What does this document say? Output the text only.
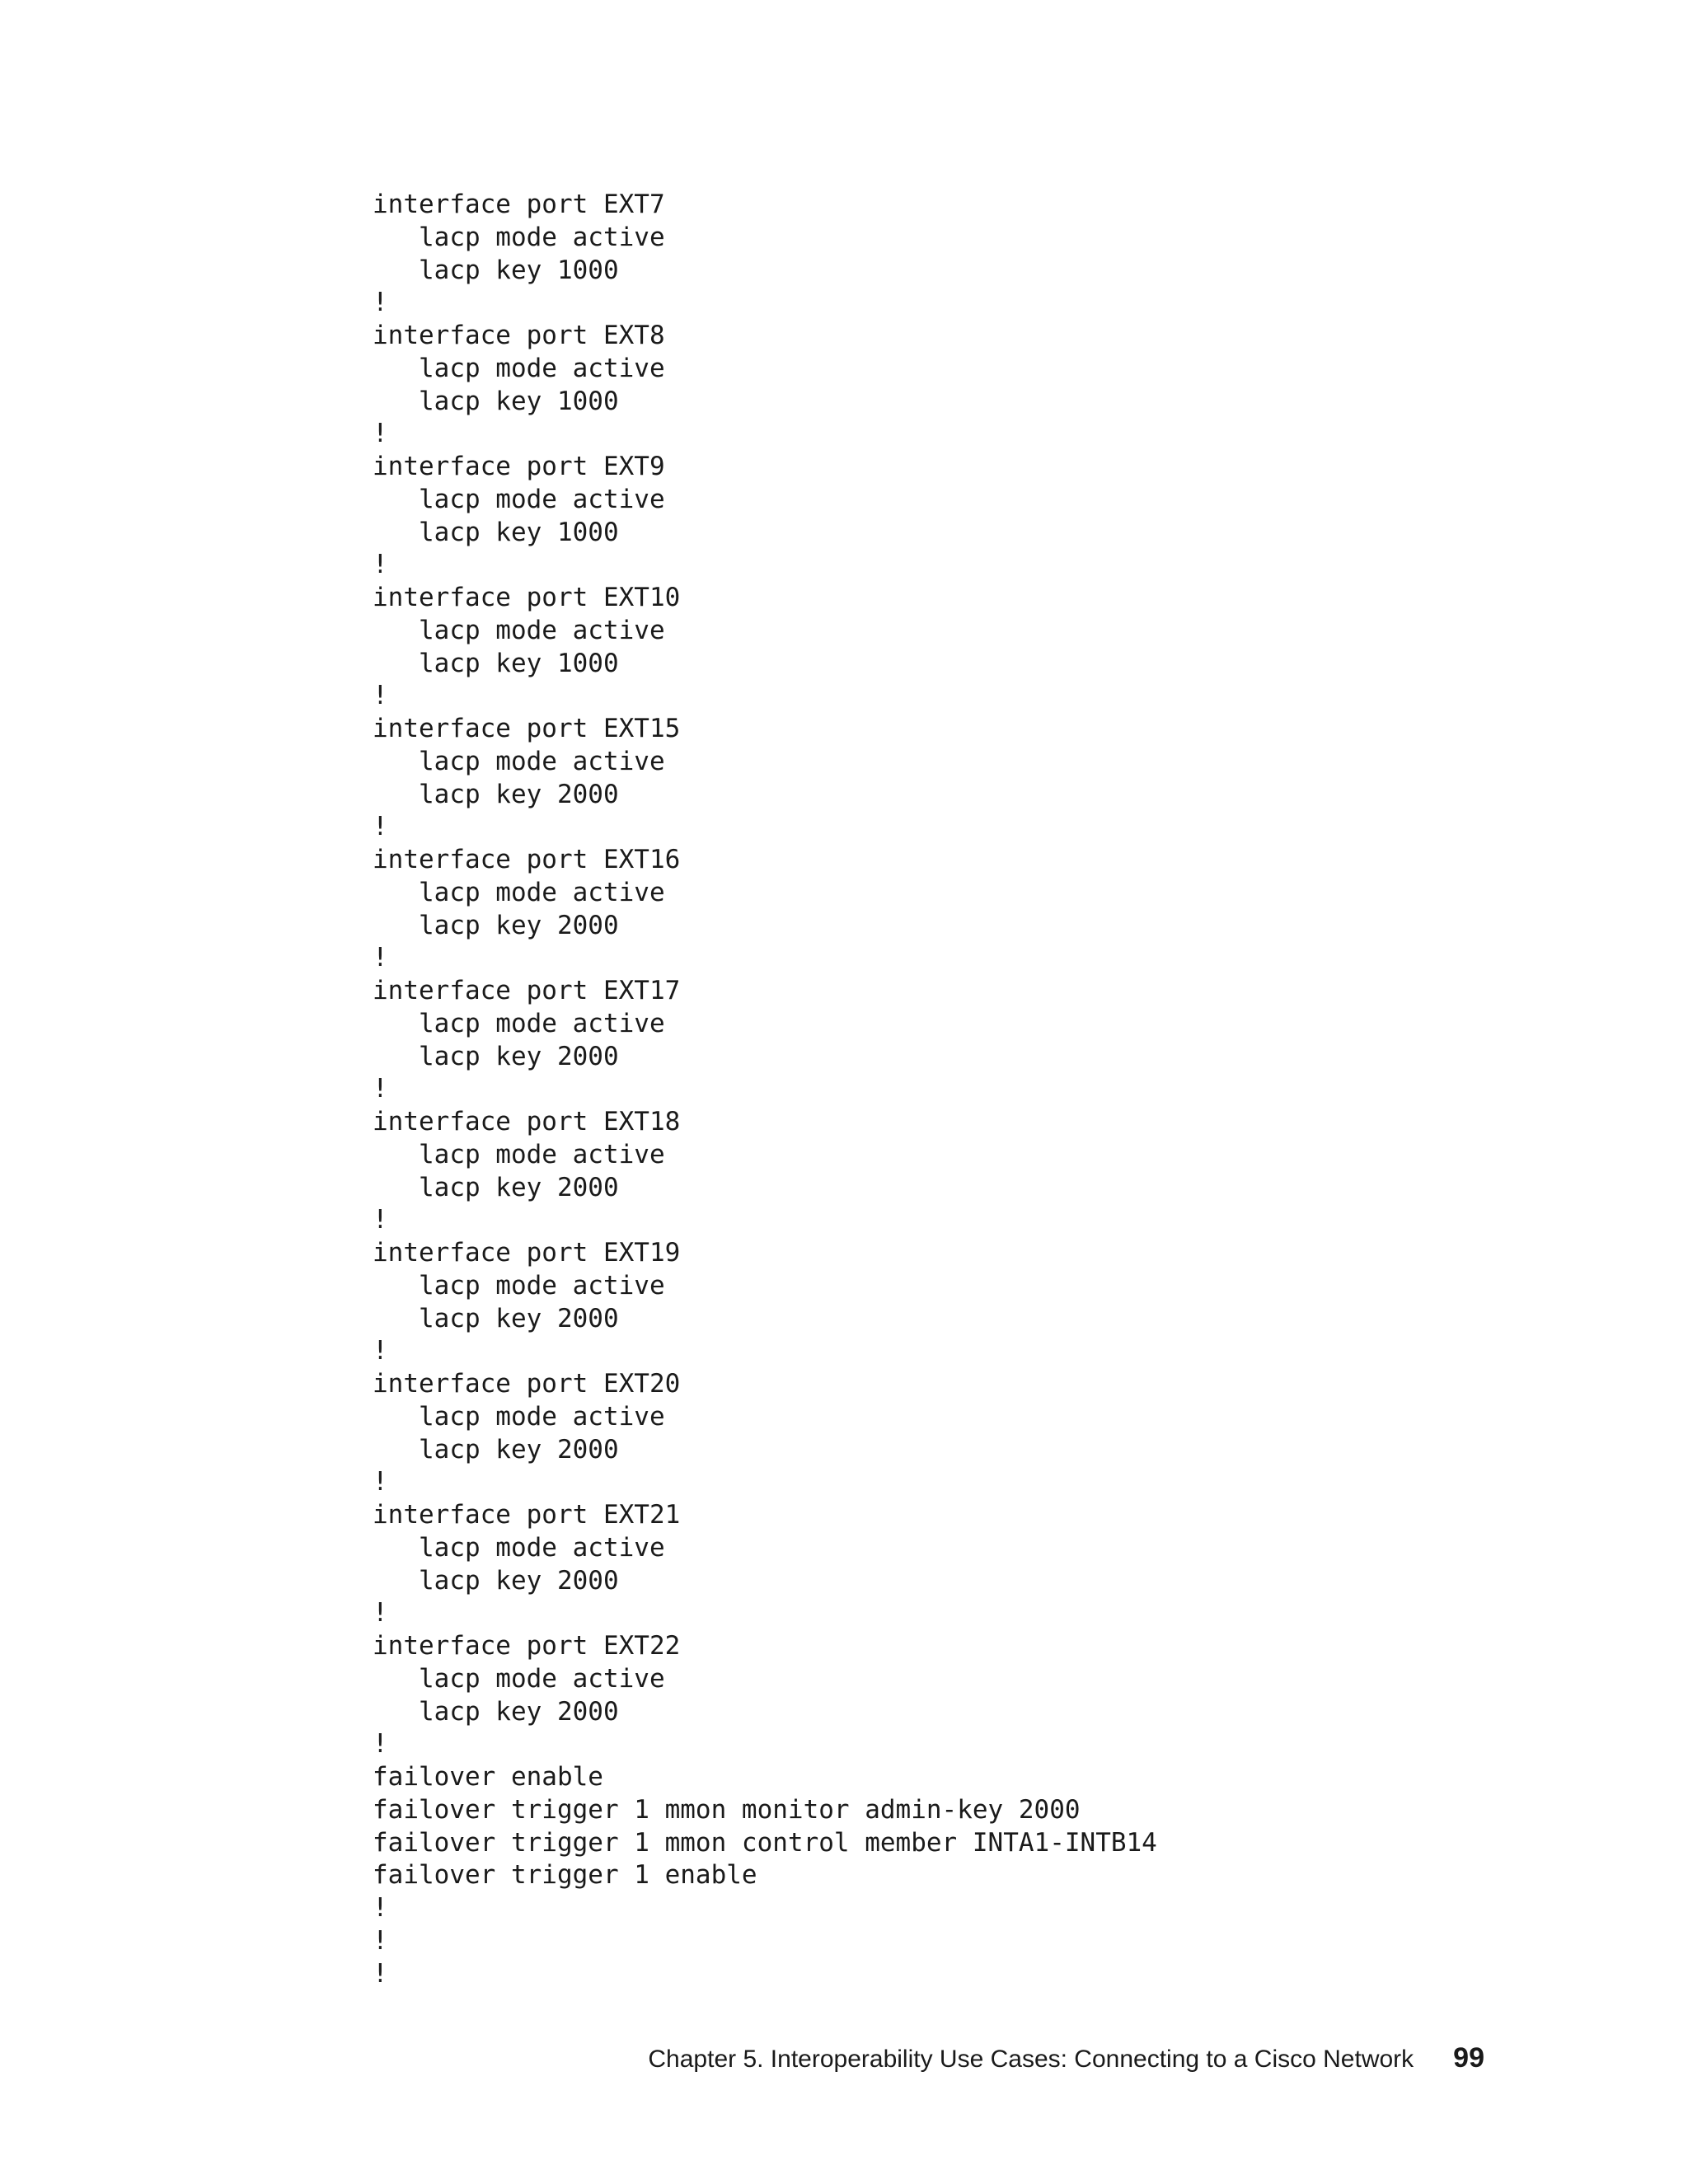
interface port EXT7
lacp mode active
lacp key 1000
!
interface port EXT8
lacp mode active
lacp key 1000
!
interface port EXT9
lacp mode active
lacp key 1000
!
interface port EXT10
lacp mode active
lacp key 1000
!
interface port EXT15
lacp mode active
lacp key 2000
!
interface port EXT16
lacp mode active
lacp key 2000
!
interface port EXT17
lacp mode active
lacp key 2000
!
interface port EXT18
lacp mode active
lacp key 2000
!
interface port EXT19
lacp mode active
lacp key 2000
!
interface port EXT20
lacp mode active
lacp key 2000
!
interface port EXT21
lacp mode active
lacp key 2000
!
interface port EXT22
lacp mode active
lacp key 2000
!
failover enable
failover trigger 1 mmon monitor admin-key 2000
failover trigger 1 mmon control member INTA1-INTB14
failover trigger 1 enable
!
!
!
Chapter 5. Interoperability Use Cases: Connecting to a Cisco Network 99
